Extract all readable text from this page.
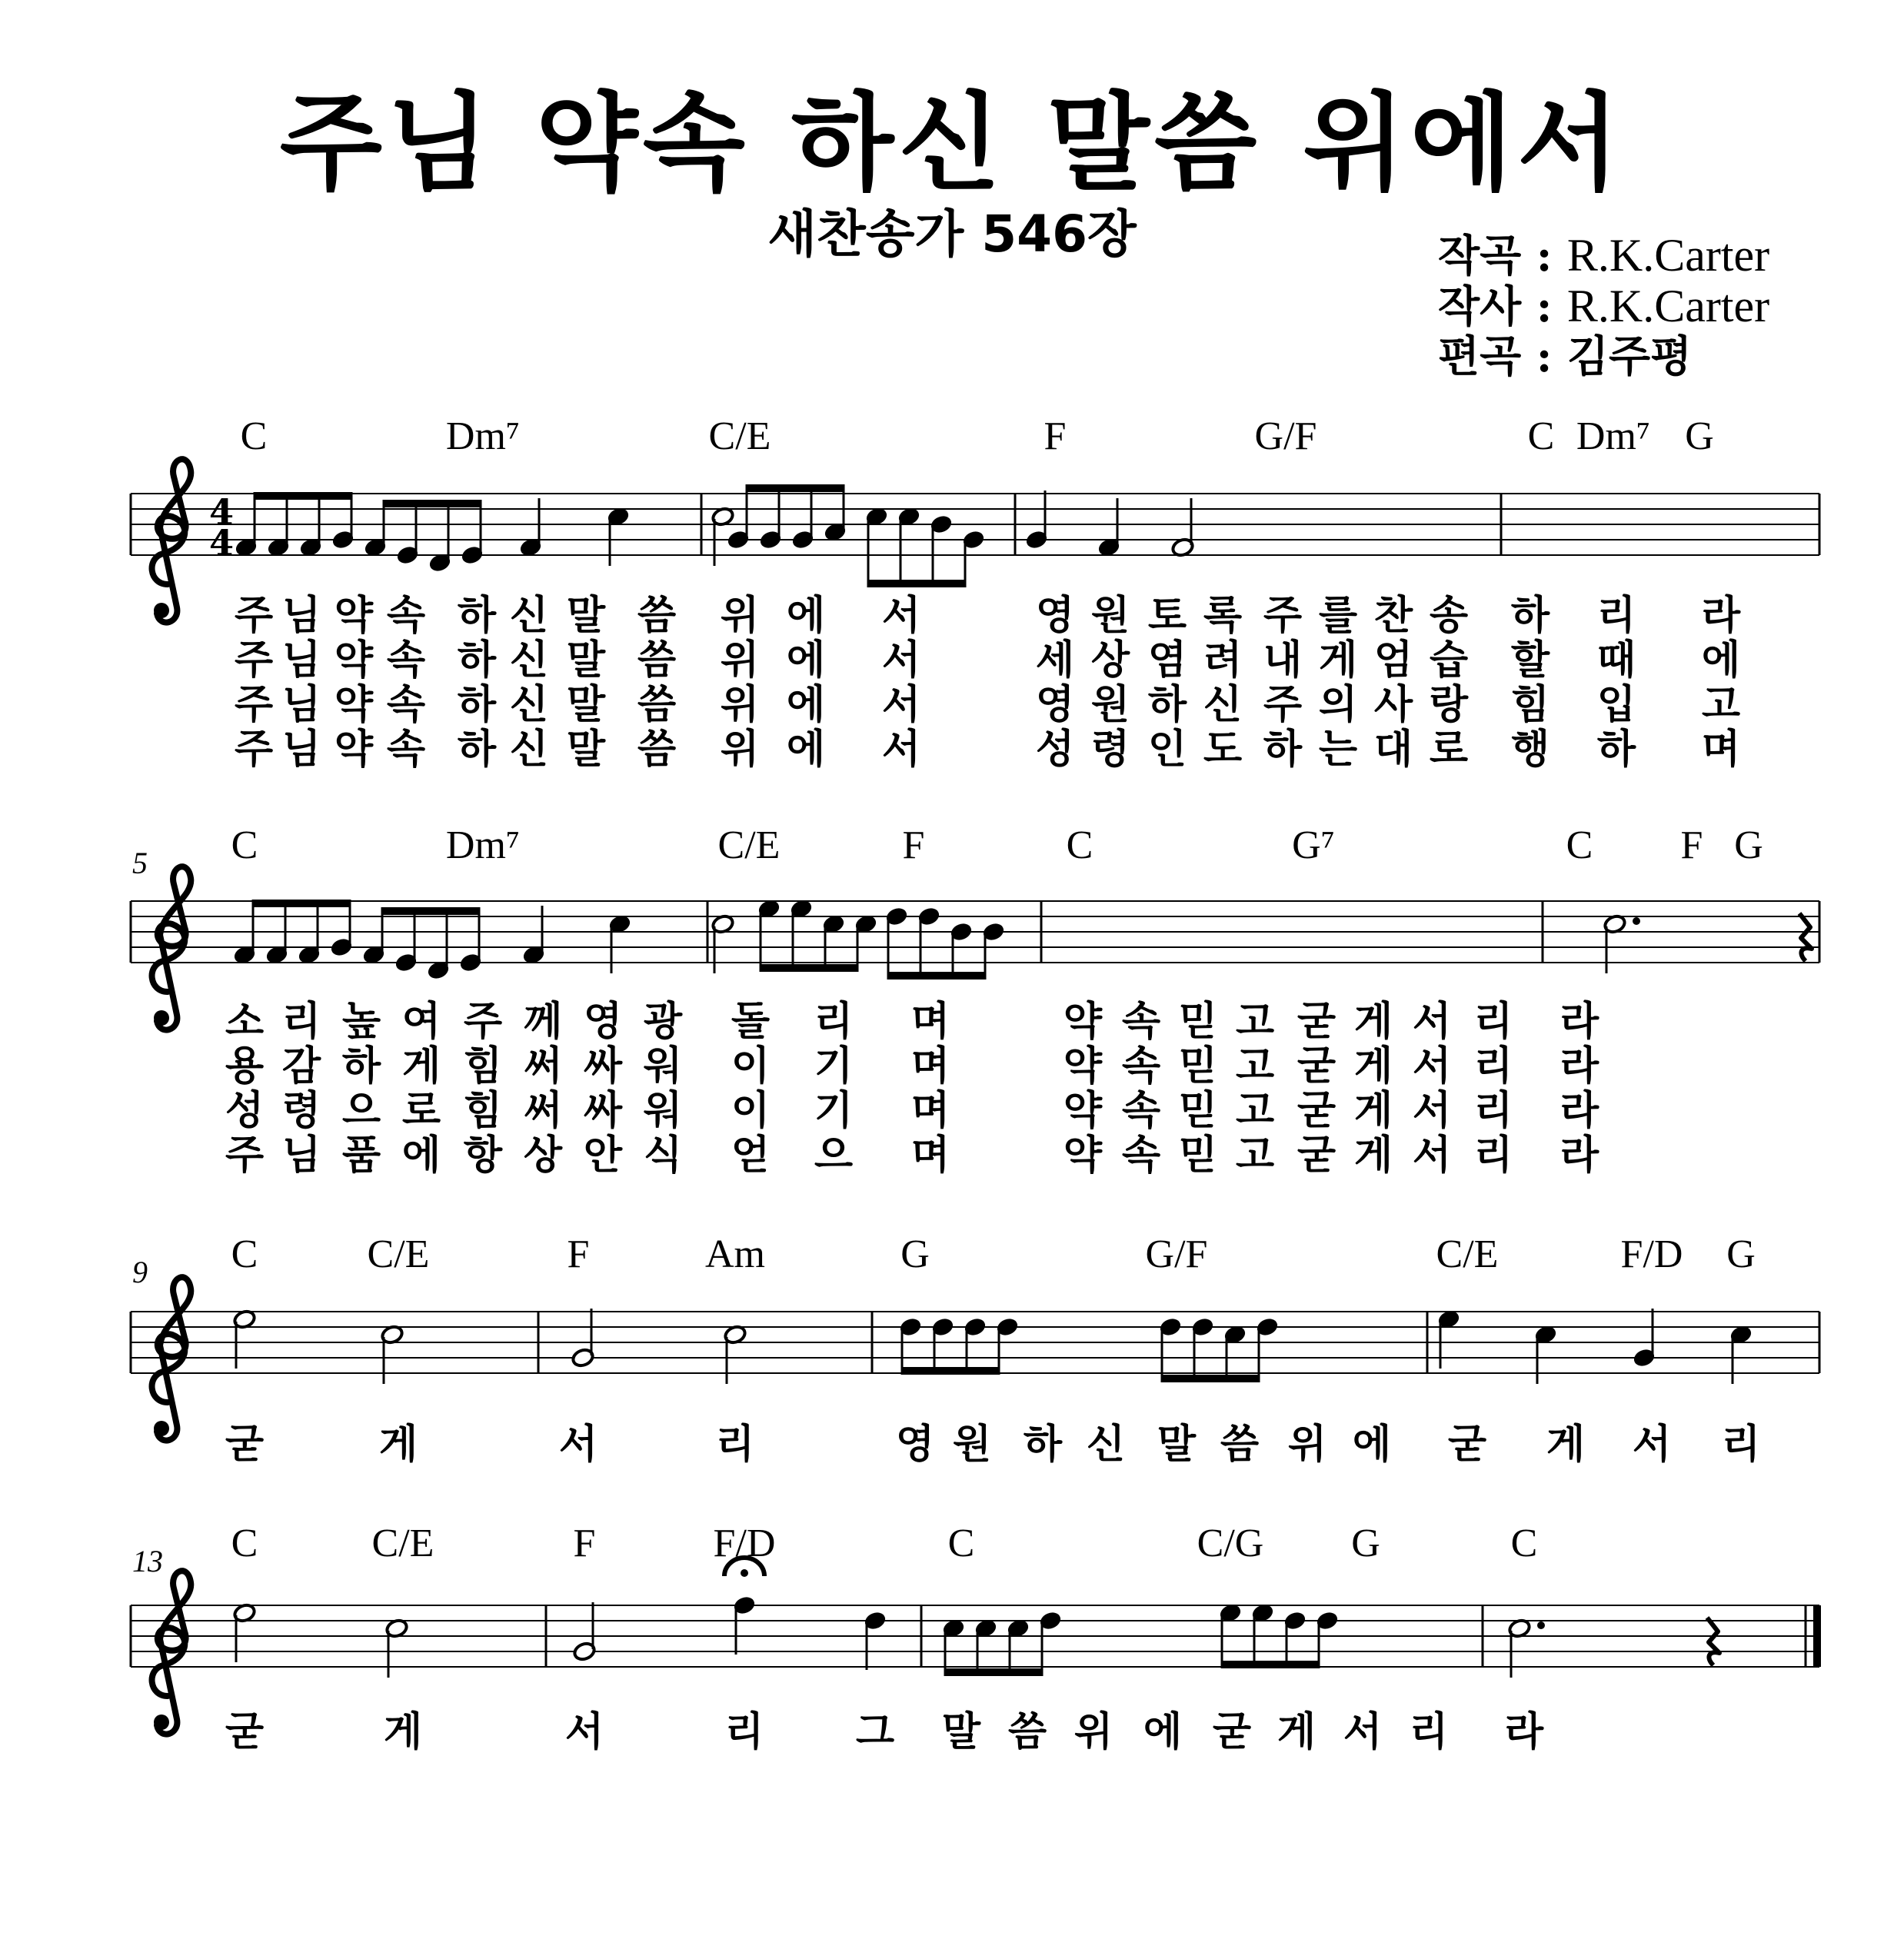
주님 약속 하신 말씀 위에서
새찬송가 546장	작곡 : R.K.Carter
작사 : R.K.Carter
편곡 : 김주평
4
4
C	Dm⁷	C/E	F	G/F	C Dm⁷ G
주 님 약 속 하 신 말 씀 위 에 서	영 원 토 록 주 를 찬 송 하 리 라
주 님 약 속 하 신 말 씀 위 에 서	세 상 염 려 내 게 엄 습 할 때 에
주 님 약 속 하 신 말 씀 위 에 서	영 원 하 신 주 의 사 랑 힘 입 고
주 님 약 속 하 신 말 씀 위 에 서	성 령 인 도 하 는 대 로 행 하 며
5 C	Dm⁷	C/E	F	C	G⁷	C F G
소 리 높 여 주 께 영 광 돌 리 며	약 속 믿 고 굳 게 서 리 라
용 감 하 게 힘 써 싸 워 이 기 며	약 속 믿 고 굳 게 서 리 라
성 령 으 로 힘 써 싸 워 이 기 며	약 속 믿 고 굳 게 서 리 라
주 님 품 에 항 상 안 식 얻 으 며	약 속 믿 고 굳 게 서 리 라
9 C	C/E	F	Am	G	G/F	C/E	F/D G
굳	게	서	리	영 원 하 신 말 씀 위 에 굳 게 서 리
13 C	C/E	F	F/D	C	C/G G	C
굳	게	서	리 그 말 씀 위 에 굳 게 서 리 라
